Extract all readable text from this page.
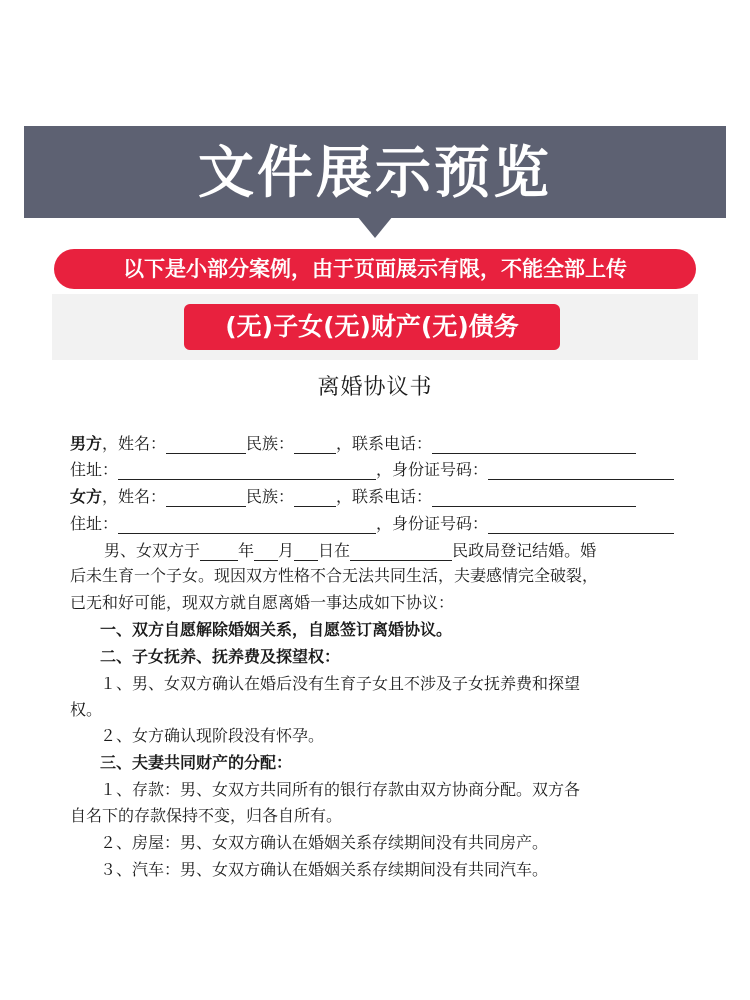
文件展示预览
以下是小部分案例，由于页面展示有限，不能全部上传
(无)子女(无)财产(无)债务
离婚协议书
男方，姓名：	民族：	，联系电话：
住址：	，身份证号码：
女方，姓名：	民族：	，联系电话：
住址：	，身份证号码：
男、女双方于 年 月 日在	民政局登记结婚。婚
后未生育一个子女。现因双方性格不合无法共同生活，夫妻感情完全破裂，
已无和好可能，现双方就自愿离婚一事达成如下协议：
一、双方自愿解除婚姻关系，自愿签订离婚协议。
二、子女抚养、抚养费及探望权：
１、男、女双方确认在婚后没有生育子女且不涉及子女抚养费和探望
权。
２、女方确认现阶段没有怀孕。
三、夫妻共同财产的分配：
１、存款：男、女双方共同所有的银行存款由双方协商分配。双方各
自名下的存款保持不变，归各自所有。
２、房屋：男、女双方确认在婚姻关系存续期间没有共同房产。
３、汽车：男、女双方确认在婚姻关系存续期间没有共同汽车。
